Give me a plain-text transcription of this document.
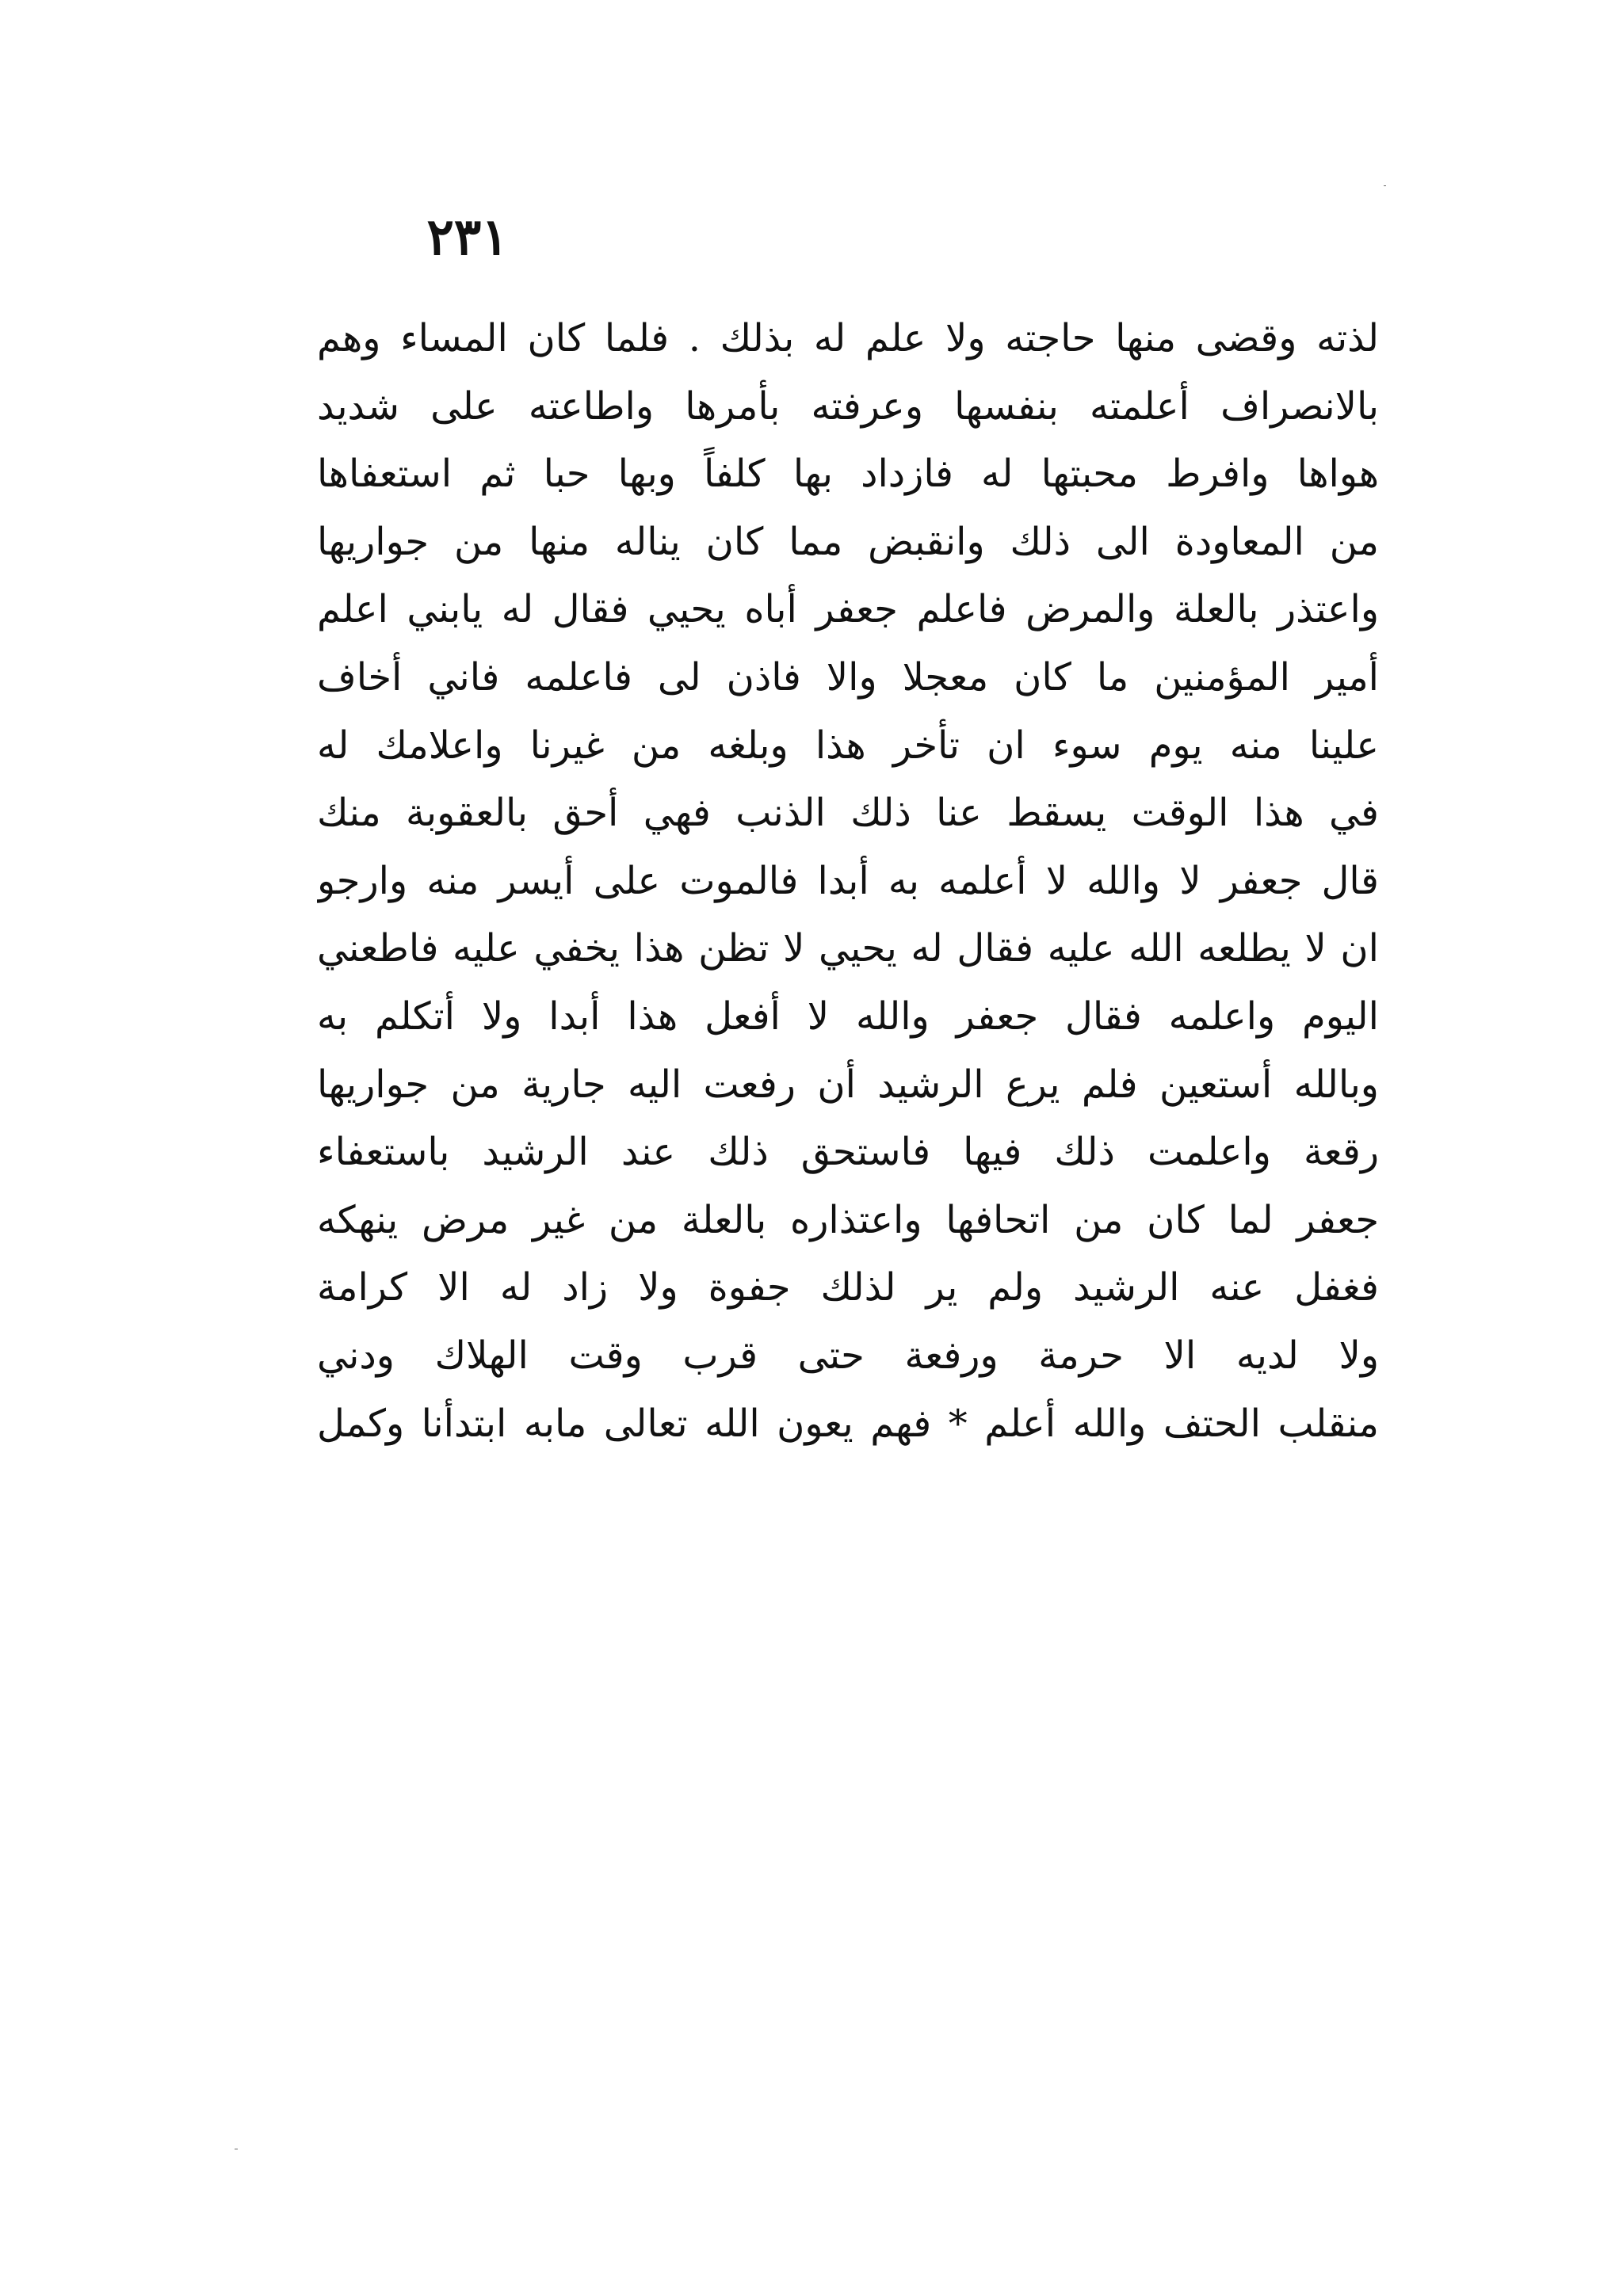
٢٣١
لذته وقضى منها حاجته ولا علم له بذلك . فلما كان المساء وهم
بالانصراف أعلمته بنفسها وعرفته بأمرها واطاعته على شديد
هواها وافرط محبتها له فازداد بها كلفاً وبها حبا ثم استعفاها
من المعاودة الى ذلك وانقبض مما كان يناله منها من جواريها
واعتذر بالعلة والمرض فاعلم جعفر أباه يحيي فقال له يابني اعلم
أمير المؤمنين ما كان معجلا والا فاذن لى فاعلمه فاني أخاف
علينا منه يوم سوء ان تأخر هذا وبلغه من غيرنا واعلامك له
في هذا الوقت يسقط عنا ذلك الذنب فهي أحق بالعقوبة منك
قال جعفر لا والله لا أعلمه به أبدا فالموت على أيسر منه وارجو
ان لا يطلعه الله عليه فقال له يحيي لا تظن هذا يخفي عليه فاطعني
اليوم واعلمه فقال جعفر والله لا أفعل هذا أبدا ولا أتكلم به
وبالله أستعين فلم يرع الرشيد أن رفعت اليه جارية من جواريها
رقعة واعلمت ذلك فيها فاستحق ذلك عند الرشيد باستعفاء
جعفر لما كان من اتحافها واعتذاره بالعلة من غير مرض ينهكه
فغفل عنه الرشيد ولم ير لذلك جفوة ولا زاد له الا كرامة
ولا لديه الا حرمة ورفعة حتى قرب وقت الهلاك ودني
منقلب الحتف والله أعلم * فهم يعون الله تعالى مابه ابتدأنا وكمل
